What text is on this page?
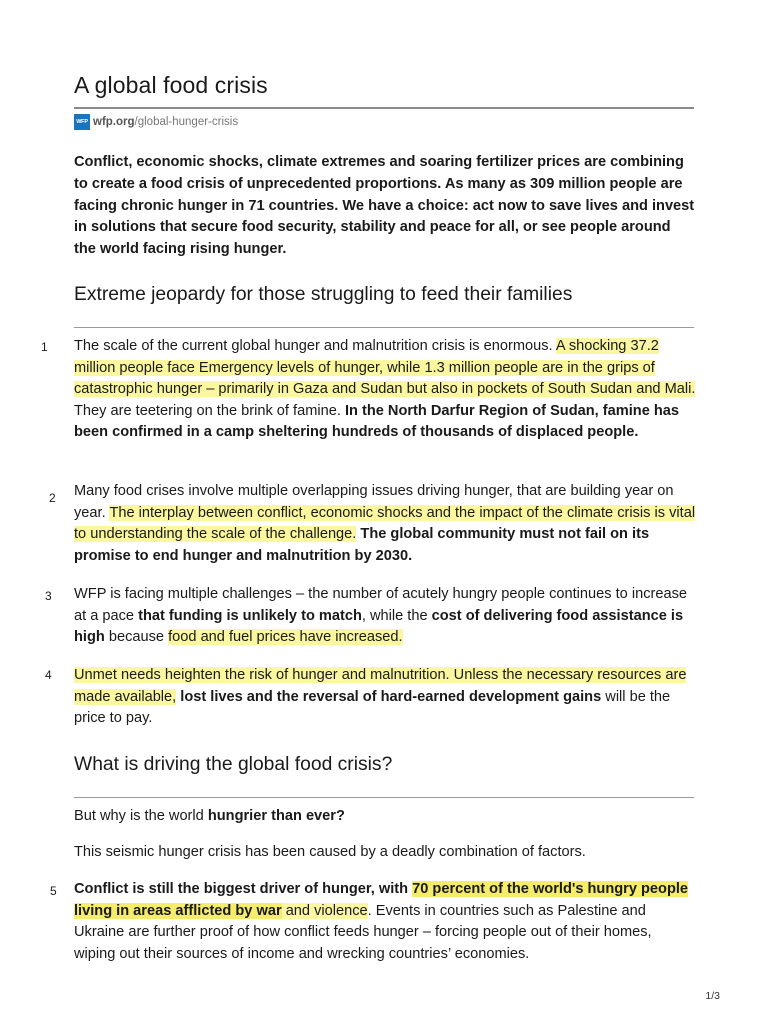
A global food crisis
WFP wfp.org /global-hunger-crisis

Conflict, economic shocks, climate extremes and soaring fertilizer prices are combining to create a food crisis of unprecedented proportions. As many as 309 million people are facing chronic hunger in 71 countries. We have a choice: act now to save lives and invest in solutions that secure food security, stability and peace for all, or see people around the world facing rising hunger.

Extreme jeopardy for those struggling to feed their families

The scale of the current global hunger and malnutrition crisis is enormous. A shocking 37.2 million people face Emergency levels of hunger, while 1.3 million people are in the grips of catastrophic hunger – primarily in Gaza and Sudan but also in pockets of South Sudan and Mali. They are teetering on the brink of famine. In the North Darfur Region of Sudan, famine has been confirmed in a camp sheltering hundreds of thousands of displaced people.

Many food crises involve multiple overlapping issues driving hunger, that are building year on year. The interplay between conflict, economic shocks and the impact of the climate crisis is vital to understanding the scale of the challenge. The global community must not fail on its promise to end hunger and malnutrition by 2030.

WFP is facing multiple challenges – the number of acutely hungry people continues to increase at a pace that funding is unlikely to match, while the cost of delivering food assistance is high because food and fuel prices have increased.

Unmet needs heighten the risk of hunger and malnutrition. Unless the necessary resources are made available, lost lives and the reversal of hard-earned development gains will be the price to pay.

What is driving the global food crisis?

But why is the world hungrier than ever?

This seismic hunger crisis has been caused by a deadly combination of factors.

Conflict is still the biggest driver of hunger, with 70 percent of the world's hungry people living in areas afflicted by war and violence. Events in countries such as Palestine and Ukraine are further proof of how conflict feeds hunger – forcing people out of their homes, wiping out their sources of income and wrecking countries’ economies.

1
2
3
4
5
1/3
